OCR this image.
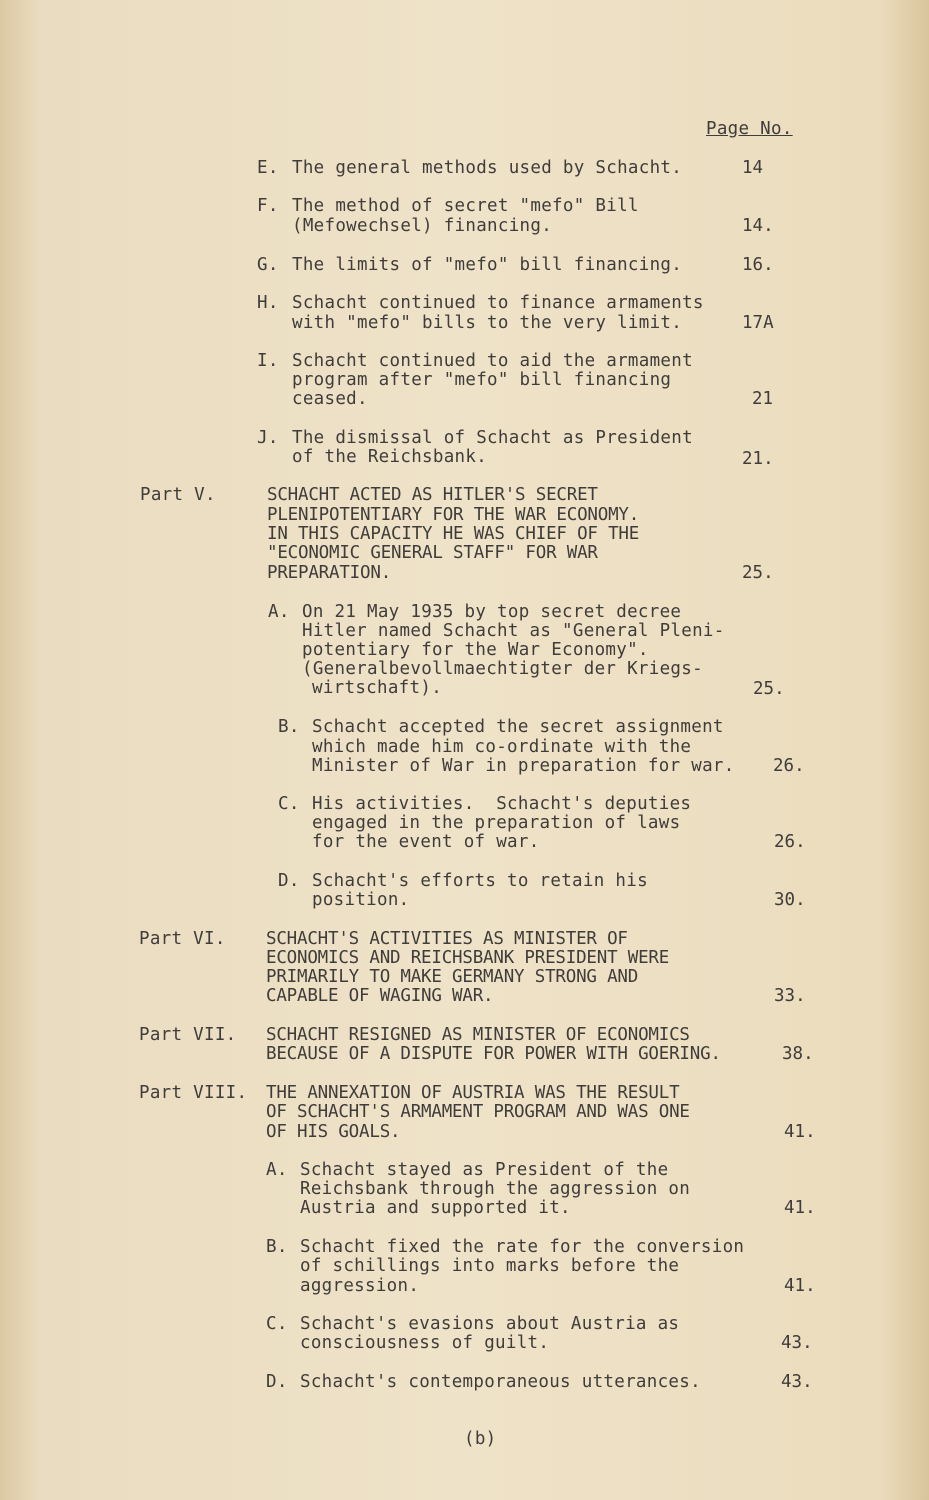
Page No.
E. The general methods used by Schacht.	14
F. The method of secret "mefo" Bill
(Mefowechsel) financing.	14.
G. The limits of "mefo" bill financing.	16.
H. Schacht continued to finance armaments
with "mefo" bills to the very limit.	17A
I. Schacht continued to aid the armament
program after "mefo" bill financing
ceased.	21
J. The dismissal of Schacht as President
of the Reichsbank.	21.
Part V.	SCHACHT ACTED AS HITLER'S SECRET
PLENIPOTENTIARY FOR THE WAR ECONOMY.
IN THIS CAPACITY HE WAS CHIEF OF THE
"ECONOMIC GENERAL STAFF" FOR WAR
PREPARATION.	25.
A. On 21 May 1935 by top secret decree
Hitler named Schacht as "General Pleni-
potentiary for the War Economy".
(Generalbevollmaechtigter der Kriegs-
wirtschaft).	25.
B. Schacht accepted the secret assignment
which made him co-ordinate with the
Minister of War in preparation for war. 26.
C. His activities.  Schacht's deputies
engaged in the preparation of laws
for the event of war.	26.
D. Schacht's efforts to retain his
position.	30.
Part VI. SCHACHT'S ACTIVITIES AS MINISTER OF
ECONOMICS AND REICHSBANK PRESIDENT WERE
PRIMARILY TO MAKE GERMANY STRONG AND
CAPABLE OF WAGING WAR.	33.
Part VII. SCHACHT RESIGNED AS MINISTER OF ECONOMICS
BECAUSE OF A DISPUTE FOR POWER WITH GOERING.	38.
Part VIII. THE ANNEXATION OF AUSTRIA WAS THE RESULT
OF SCHACHT'S ARMAMENT PROGRAM AND WAS ONE
OF HIS GOALS.	41.
A. Schacht stayed as President of the
Reichsbank through the aggression on
Austria and supported it.	41.
B. Schacht fixed the rate for the conversion
of schillings into marks before the
aggression.	41.
C. Schacht's evasions about Austria as
consciousness of guilt.	43.
D. Schacht's contemporaneous utterances.	43.
(b)
